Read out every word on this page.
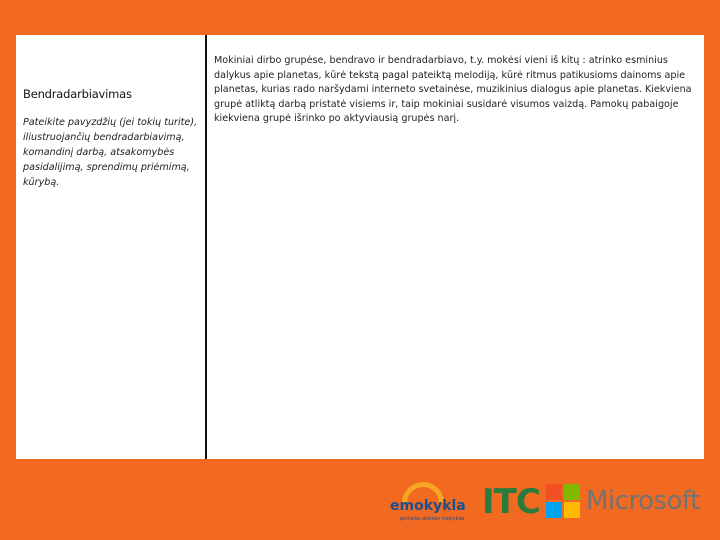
Bendradarbiavimas

Pateikite pavyzdžių (jei tokių turite), iliustruojančių bendradarbiavimą, komandinį darbą, atsakomybės pasidalijimą, sprendimų priėmimą, kūrybą.

Mokiniai dirbo grupėse, bendravo ir bendradarbiavo, t.y. mokėsi vieni iš kitų : atrinko esminius dalykus apie planetas, kūrė tekstą pagal pateiktą melodiją, kūrė ritmus patikusioms dainoms apie planetas, kurias rado naršydami interneto svetainėse, muzikinius dialogus apie planetas. Kiekviena grupė atliktą darbą pristatė visiems ir, taip mokiniai susidarė visumos vaizdą. Pamokų pabaigoje kiekviena grupė išrinko po aktyviausią grupės narį.
emokykla
portalas ateities mokyklai ITC Microsoft
